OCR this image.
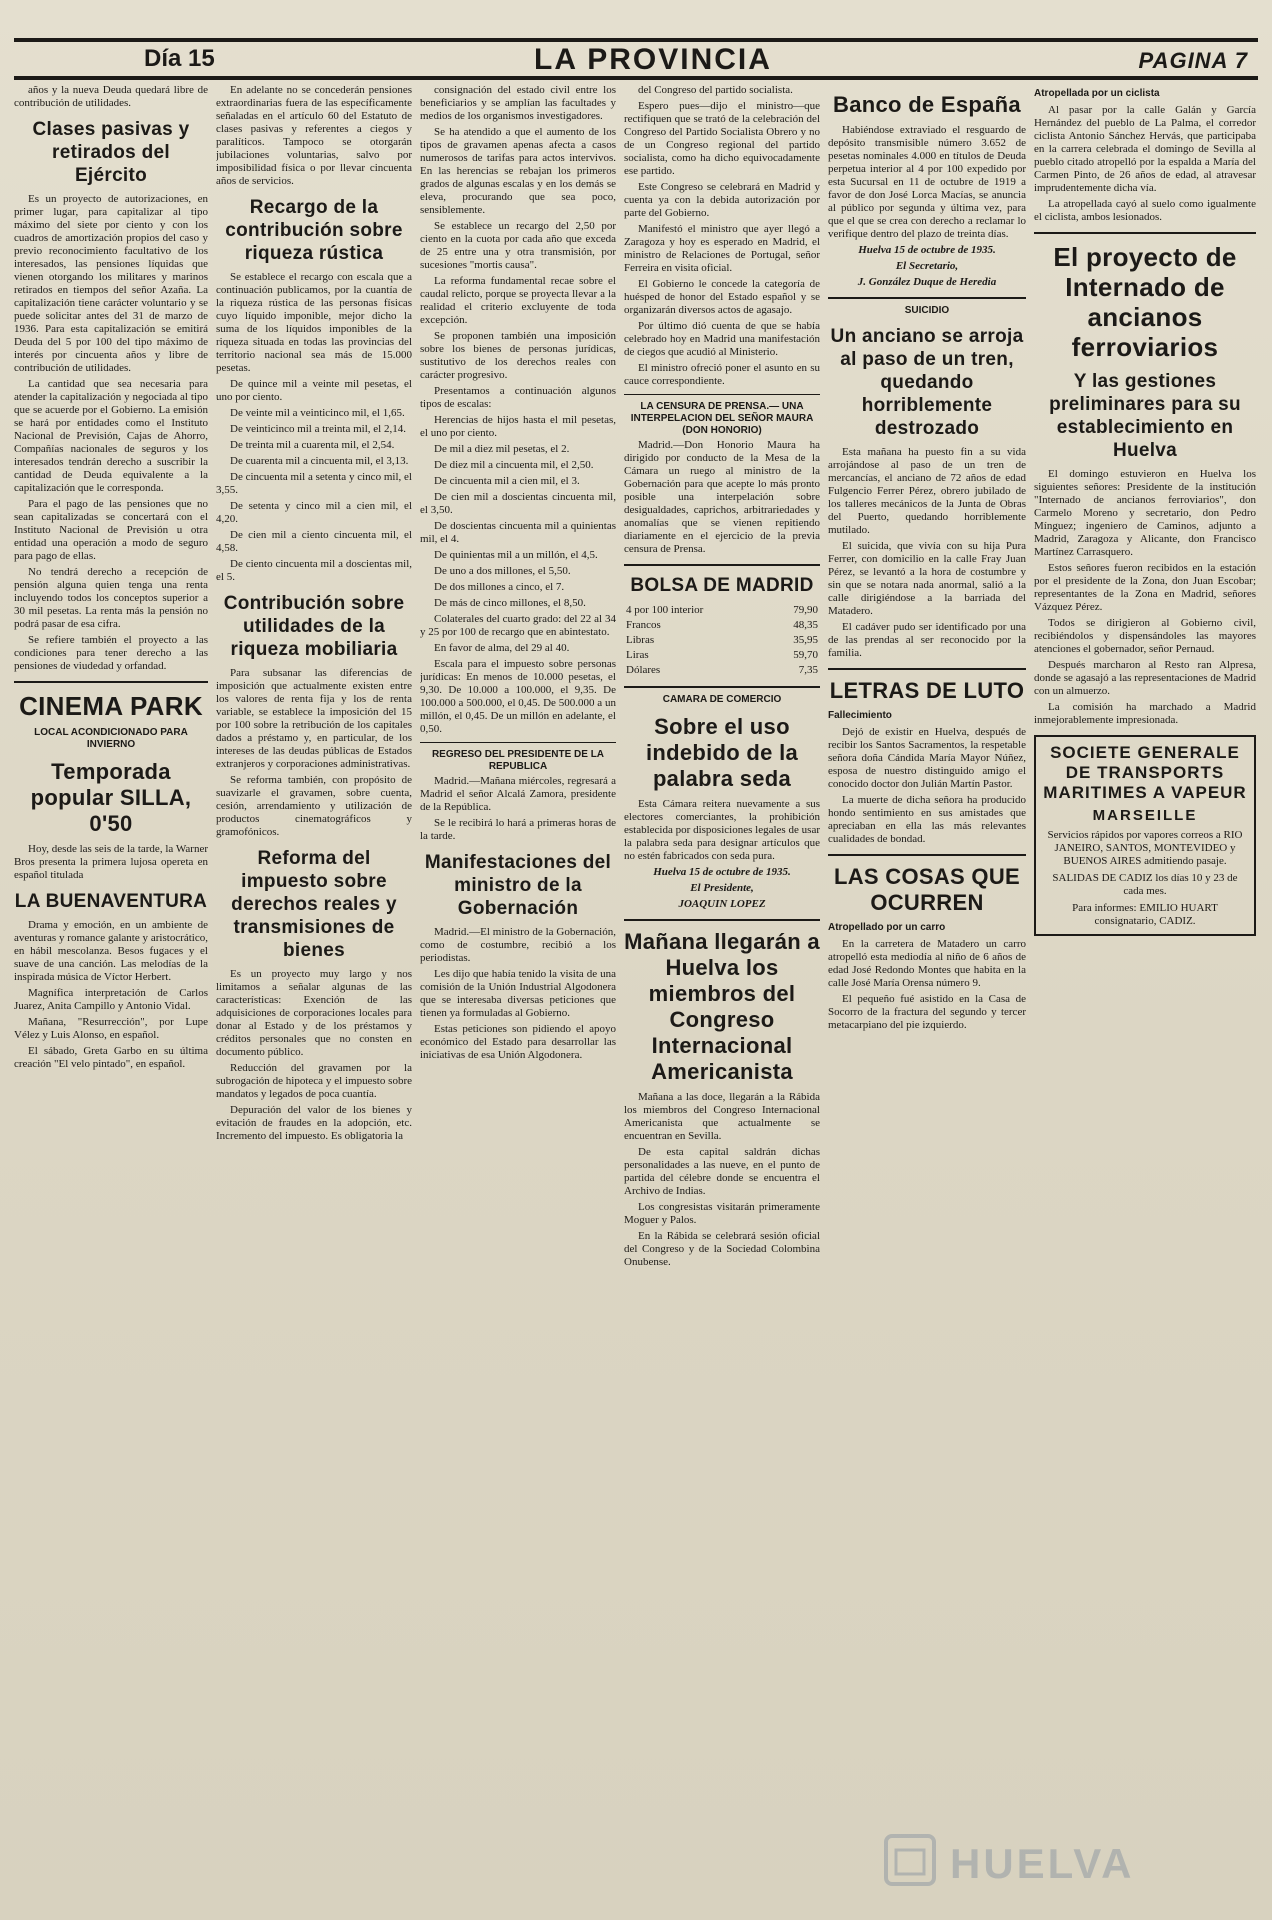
Día 15	LA PROVINCIA	PAGINA 7

años y la nueva Deuda quedará libre de contribución de utilidades.

Clases pasivas y retirados del Ejército

Es un proyecto de autorizaciones, en primer lugar, para capitalizar al tipo máximo del siete por ciento y con los cuadros de amortización propios del caso y previo reconocimiento facultativo de los interesados, las pensiones líquidas que vienen otorgando los militares y marinos retirados en tiempos del señor Azaña. La capitalización tiene carácter voluntario y se puede solicitar antes del 31 de marzo de 1936. Para esta capitalización se emitirá Deuda del 5 por 100 del tipo máximo de interés por cincuenta años y libre de contribución de utilidades.

La cantidad que sea necesaria para atender la capitalización y negociada al tipo que se acuerde por el Gobierno. La emisión se hará por entidades como el Instituto Nacional de Previsión, Cajas de Ahorro, Compañías nacionales de seguros y los interesados tendrán derecho a suscribir la cantidad de Deuda equivalente a la capitalización que le corresponda.

Para el pago de las pensiones que no sean capitalizadas se concertará con el Instituto Nacional de Previsión u otra entidad una operación a modo de seguro para pago de ellas.

No tendrá derecho a recepción de pensión alguna quien tenga una renta incluyendo todos los conceptos superior a 30 mil pesetas. La renta más la pensión no podrá pasar de esa cifra.

Se refiere también el proyecto a las condiciones para tener derecho a las pensiones de viudedad y orfandad.

CINEMA PARK
LOCAL ACONDICIONADO PARA INVIERNO
Temporada popular SILLA, 0'50

Hoy, desde las seis de la tarde, la Warner Bros presenta la primera lujosa opereta en español titulada

LA BUENAVENTURA

Drama y emoción, en un ambiente de aventuras y romance galante y aristocrático, en hábil mescolanza. Besos fugaces y el suave de una canción. Las melodías de la inspirada música de Víctor Herbert.

Magnífica interpretación de Carlos Juarez, Anita Campillo y Antonio Vidal.

Mañana, "Resurrección", por Lupe Vélez y Luis Alonso, en español.

El sábado, Greta Garbo en su última creación "El velo pintado", en español.

En adelante no se concederán pensiones extraordinarias fuera de las específicamente señaladas en el artículo 60 del Estatuto de clases pasivas y referentes a ciegos y paralíticos. Tampoco se otorgarán jubilaciones voluntarias, salvo por imposibilidad física o por llevar cincuenta años de servicios.

Recargo de la contribución sobre riqueza rústica

Se establece el recargo con escala que a continuación publicamos, por la cuantía de la riqueza rústica de las personas físicas cuyo líquido imponible, mejor dicho la suma de los líquidos imponibles de la riqueza situada en todas las provincias del territorio nacional sea más de 15.000 pesetas.

De quince mil a veinte mil pesetas, el uno por ciento.

De veinte mil a veinticinco mil, el 1,65.

De veinticinco mil a treinta mil, el 2,14.

De treinta mil a cuarenta mil, el 2,54.

De cuarenta mil a cincuenta mil, el 3,13.

De cincuenta mil a setenta y cinco mil, el 3,55.

De setenta y cinco mil a cien mil, el 4,20.

De cien mil a ciento cincuenta mil, el 4,58.

De ciento cincuenta mil a doscientas mil, el 5.

Contribución sobre utilidades de la riqueza mobiliaria

Para subsanar las diferencias de imposición que actualmente existen entre los valores de renta fija y los de renta variable, se establece la imposición del 15 por 100 sobre la retribución de los capitales dados a préstamo y, en particular, de los intereses de las deudas públicas de Estados extranjeros y corporaciones administrativas.

Se reforma también, con propósito de suavizarle el gravamen, sobre cuenta, cesión, arrendamiento y utilización de productos cinematográficos y gramofónicos.

Reforma del impuesto sobre derechos reales y transmisiones de bienes

Es un proyecto muy largo y nos limitamos a señalar algunas de las características: Exención de las adquisiciones de corporaciones locales para donar al Estado y de los préstamos y créditos personales que no consten en documento público.

Reducción del gravamen por la subrogación de hipoteca y el impuesto sobre mandatos y legados de poca cuantía.

Depuración del valor de los bienes y evitación de fraudes en la adopción, etc. Incremento del impuesto. Es obligatoria la

consignación del estado civil entre los beneficiarios y se amplían las facultades y medios de los organismos investigadores.

Se ha atendido a que el aumento de los tipos de gravamen apenas afecta a casos numerosos de tarifas para actos intervivos. En las herencias se rebajan los primeros grados de algunas escalas y en los demás se eleva, procurando que sea poco, sensiblemente.

Se establece un recargo del 2,50 por ciento en la cuota por cada año que exceda de 25 entre una y otra transmisión, por sucesiones "mortis causa".

La reforma fundamental recae sobre el caudal relicto, porque se proyecta llevar a la realidad el criterio excluyente de toda excepción.

Se proponen también una imposición sobre los bienes de personas jurídicas, sustitutivo de los derechos reales con carácter progresivo.

Presentamos a continuación algunos tipos de escalas:

Herencias de hijos hasta el mil pesetas, el uno por ciento.

De mil a diez mil pesetas, el 2.

De diez mil a cincuenta mil, el 2,50.

De cincuenta mil a cien mil, el 3.

De cien mil a doscientas cincuenta mil, el 3,50.

De doscientas cincuenta mil a quinientas mil, el 4.

De quinientas mil a un millón, el 4,5.

De uno a dos millones, el 5,50.

De dos millones a cinco, el 7.

De más de cinco millones, el 8,50.

Colaterales del cuarto grado: del 22 al 34 y 25 por 100 de recargo que en abintestato.

En favor de alma, del 29 al 40.

Escala para el impuesto sobre personas jurídicas: En menos de 10.000 pesetas, el 9,30. De 10.000 a 100.000, el 9,35. De 100.000 a 500.000, el 0,45. De 500.000 a un millón, el 0,45. De un millón en adelante, el 0,50.

REGRESO DEL PRESIDENTE DE LA REPUBLICA

Madrid.—Mañana miércoles, regresará a Madrid el señor Alcalá Zamora, presidente de la República.

Se le recibirá lo hará a primeras horas de la tarde.

Manifestaciones del ministro de la Gobernación

Madrid.—El ministro de la Gobernación, como de costumbre, recibió a los periodistas.

Les dijo que había tenido la visita de una comisión de la Unión Industrial Algodonera que se interesaba diversas peticiones que tienen ya formuladas al Gobierno.

Estas peticiones son pidiendo el apoyo económico del Estado para desarrollar las iniciativas de esa Unión Algodonera.

del Congreso del partido socialista.

Espero pues—dijo el ministro—que rectifiquen que se trató de la celebración del Congreso del Partido Socialista Obrero y no de un Congreso regional del partido socialista, como ha dicho equivocadamente ese partido.

Este Congreso se celebrará en Madrid y cuenta ya con la debida autorización por parte del Gobierno.

Manifestó el ministro que ayer llegó a Zaragoza y hoy es esperado en Madrid, el ministro de Relaciones de Portugal, señor Ferreira en visita oficial.

El Gobierno le concede la categoría de huésped de honor del Estado español y se organizarán diversos actos de agasajo.

Por último dió cuenta de que se había celebrado hoy en Madrid una manifestación de ciegos que acudió al Ministerio.

El ministro ofreció poner el asunto en su cauce correspondiente.

LA CENSURA DE PRENSA.— UNA INTERPELACION DEL SEÑOR MAURA (DON HONORIO)

Madrid.—Don Honorio Maura ha dirigido por conducto de la Mesa de la Cámara un ruego al ministro de la Gobernación para que acepte lo más pronto posible una interpelación sobre desigualdades, caprichos, arbitrariedades y anomalías que se vienen repitiendo diariamente en el ejercicio de la previa censura de Prensa.

BOLSA DE MADRID
4 por 100 interior	79,90
Francos	48,35
Libras	35,95
Liras	59,70
Dólares	7,35
CAMARA DE COMERCIO
Sobre el uso indebido de la palabra seda

Esta Cámara reitera nuevamente a sus electores comerciantes, la prohibición establecida por disposiciones legales de usar la palabra seda para designar artículos que no estén fabricados con seda pura.

Huelva 15 de octubre de 1935.
El Presidente,
JOAQUIN LOPEZ
Mañana llegarán a Huelva los miembros del Congreso Internacional Americanista

Mañana a las doce, llegarán a la Rábida los miembros del Congreso Internacional Americanista que actualmente se encuentran en Sevilla.

De esta capital saldrán dichas personalidades a las nueve, en el punto de partida del célebre donde se encuentra el Archivo de Indias.

Los congresistas visitarán primeramente Moguer y Palos.

En la Rábida se celebrará sesión oficial del Congreso y de la Sociedad Colombina Onubense.

Banco de España

Habiéndose extraviado el resguardo de depósito transmisible número 3.652 de pesetas nominales 4.000 en títulos de Deuda perpetua interior al 4 por 100 expedido por esta Sucursal en 11 de octubre de 1919 a favor de don José Lorca Macías, se anuncia al público por segunda y última vez, para que el que se crea con derecho a reclamar lo verifique dentro del plazo de treinta días.

Huelva 15 de octubre de 1935.
El Secretario,
J. González Duque de Heredia
SUICIDIO
Un anciano se arroja al paso de un tren, quedando horriblemente destrozado

Esta mañana ha puesto fin a su vida arrojándose al paso de un tren de mercancías, el anciano de 72 años de edad Fulgencio Ferrer Pérez, obrero jubilado de los talleres mecánicos de la Junta de Obras del Puerto, quedando horriblemente mutilado.

El suicida, que vivía con su hija Pura Ferrer, con domicilio en la calle Fray Juan Pérez, se levantó a la hora de costumbre y sin que se notara nada anormal, salió a la calle dirigiéndose a la barriada del Matadero.

El cadáver pudo ser identificado por una de las prendas al ser reconocido por la familia.

LETRAS DE LUTO
Fallecimiento

Dejó de existir en Huelva, después de recibir los Santos Sacramentos, la respetable señora doña Cándida María Mayor Núñez, esposa de nuestro distinguido amigo el conocido doctor don Julián Martín Pastor.

La muerte de dicha señora ha producido hondo sentimiento en sus amistades que apreciaban en ella las más relevantes cualidades de bondad.

LAS COSAS QUE OCURREN
Atropellado por un carro

En la carretera de Matadero un carro atropelló esta mediodía al niño de 6 años de edad José Redondo Montes que habita en la calle José María Orensa número 9.

El pequeño fué asistido en la Casa de Socorro de la fractura del segundo y tercer metacarpiano del pie izquierdo.

Atropellada por un ciclista

Al pasar por la calle Galán y García Hernández del pueblo de La Palma, el corredor ciclista Antonio Sánchez Hervás, que participaba en la carrera celebrada el domingo de Sevilla al pueblo citado atropelló por la espalda a María del Carmen Pinto, de 26 años de edad, al atravesar imprudentemente dicha vía.

La atropellada cayó al suelo como igualmente el ciclista, ambos lesionados.

El proyecto de Internado de ancianos ferroviarios
Y las gestiones preliminares para su establecimiento en Huelva

El domingo estuvieron en Huelva los siguientes señores: Presidente de la institución "Internado de ancianos ferroviarios", don Carmelo Moreno y secretario, don Pedro Mínguez; ingeniero de Caminos, adjunto a Madrid, Zaragoza y Alicante, don Francisco Martínez Carrasquero.

Estos señores fueron recibidos en la estación por el presidente de la Zona, don Juan Escobar; representantes de la Zona en Madrid, señores Vázquez Pérez.

Todos se dirigieron al Gobierno civil, recibiéndolos y dispensándoles las mayores atenciones el gobernador, señor Pernaud.

Después marcharon al Resto ran Alpresa, donde se agasajó a las representaciones de Madrid con un almuerzo.

La comisión ha marchado a Madrid inmejorablemente impresionada.

SOCIETE GENERALE DE TRANSPORTS MARITIMES A VAPEUR
MARSEILLE
Servicios rápidos por vapores correos a RIO JANEIRO, SANTOS, MONTEVIDEO y BUENOS AIRES admitiendo pasaje.
SALIDAS DE CADIZ los días 10 y 23 de cada mes.
Para informes: EMILIO HUART consignatario, CADIZ.
HUELVA
